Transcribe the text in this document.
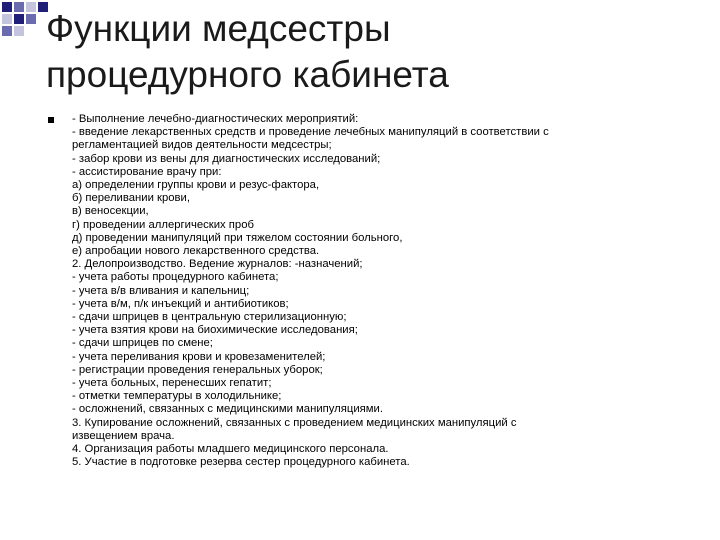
Функции медсестры
процедурного кабинета
- Выполнение лечебно-диагностических мероприятий:
- введение лекарственных средств и проведение лечебных манипуляций в соответствии с
регламентацией видов деятельности медсестры;
- забор крови из вены для диагностических исследований;
- ассистирование врачу при:
а) определении группы крови и резус-фактора,
б) переливании крови,
в) веносекции,
г) проведении аллергических проб
д) проведении манипуляций при тяжелом состоянии больного,
е) апробации нового лекарственного средства.
2. Делопроизводство. Ведение журналов: -назначений;
- учета работы процедурного кабинета;
- учета в/в вливания и капельниц;
- учета в/м, п/к инъекций и антибиотиков;
- сдачи шприцев в центральную стерилизационную;
- учета взятия крови на биохимические исследования;
- сдачи шприцев по смене;
- учета переливания крови и кровезаменителей;
- регистрации проведения генеральных уборок;
- учета больных, перенесших гепатит;
- отметки температуры в холодильнике;
- осложнений, связанных с медицинскими манипуляциями.
3. Купирование осложнений, связанных с проведением медицинских манипуляций с
извещением врача.
4. Организация работы младшего медицинского персонала.
5. Участие в подготовке резерва сестер процедурного кабинета.
